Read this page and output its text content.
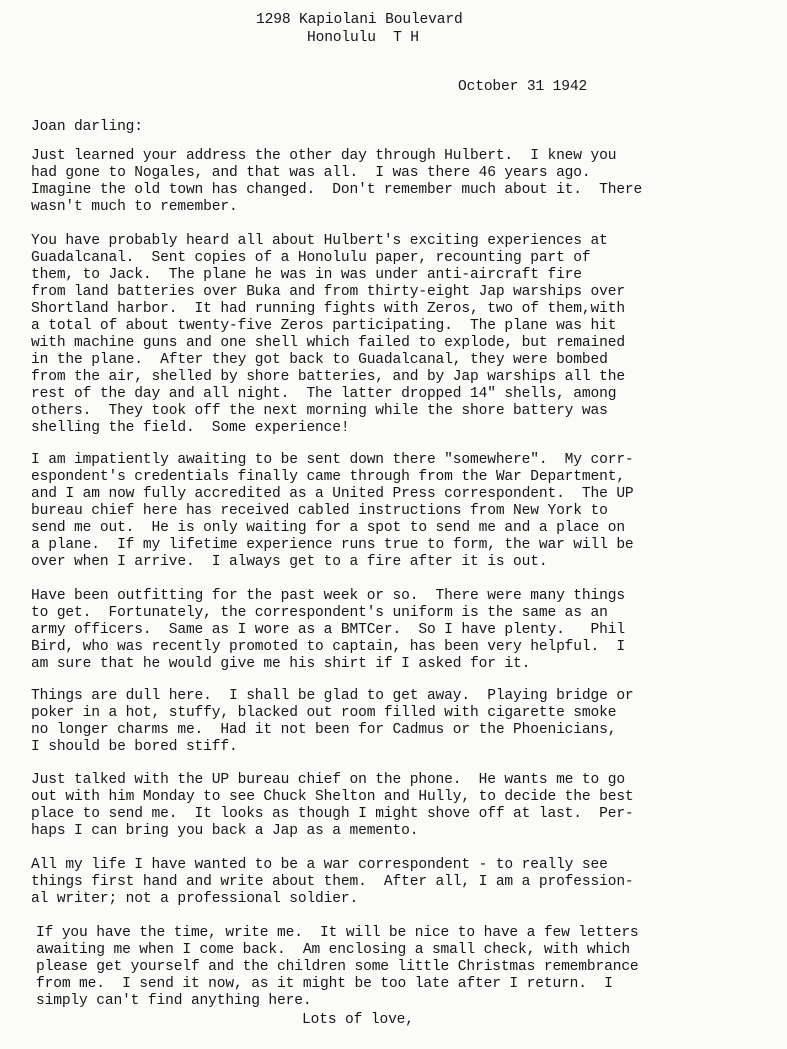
1298 Kapiolani Boulevard
Honolulu  T H
October 31 1942
Joan darling:
Just learned your address the other day through Hulbert.  I knew you
had gone to Nogales, and that was all.  I was there 46 years ago.
Imagine the old town has changed.  Don't remember much about it.  There
wasn't much to remember.
You have probably heard all about Hulbert's exciting experiences at
Guadalcanal.  Sent copies of a Honolulu paper, recounting part of
them, to Jack.  The plane he was in was under anti-aircraft fire
from land batteries over Buka and from thirty-eight Jap warships over
Shortland harbor.  It had running fights with Zeros, two of them,with
a total of about twenty-five Zeros participating.  The plane was hit
with machine guns and one shell which failed to explode, but remained
in the plane.  After they got back to Guadalcanal, they were bombed
from the air, shelled by shore batteries, and by Jap warships all the
rest of the day and all night.  The latter dropped 14" shells, among
others.  They took off the next morning while the shore battery was
shelling the field.  Some experience!
I am impatiently awaiting to be sent down there "somewhere".  My corr-
espondent's credentials finally came through from the War Department,
and I am now fully accredited as a United Press correspondent.  The UP
bureau chief here has received cabled instructions from New York to
send me out.  He is only waiting for a spot to send me and a place on
a plane.  If my lifetime experience runs true to form, the war will be
over when I arrive.  I always get to a fire after it is out.
Have been outfitting for the past week or so.  There were many things
to get.  Fortunately, the correspondent's uniform is the same as an
army officers.  Same as I wore as a BMTCer.  So I have plenty.   Phil
Bird, who was recently promoted to captain, has been very helpful.  I
am sure that he would give me his shirt if I asked for it.
Things are dull here.  I shall be glad to get away.  Playing bridge or
poker in a hot, stuffy, blacked out room filled with cigarette smoke
no longer charms me.  Had it not been for Cadmus or the Phoenicians,
I should be bored stiff.
Just talked with the UP bureau chief on the phone.  He wants me to go
out with him Monday to see Chuck Shelton and Hully, to decide the best
place to send me.  It looks as though I might shove off at last.  Per-
haps I can bring you back a Jap as a memento.
All my life I have wanted to be a war correspondent - to really see
things first hand and write about them.  After all, I am a profession-
al writer; not a professional soldier.
If you have the time, write me.  It will be nice to have a few letters
awaiting me when I come back.  Am enclosing a small check, with which
please get yourself and the children some little Christmas remembrance
from me.  I send it now, as it might be too late after I return.  I
simply can't find anything here.
Lots of love,
